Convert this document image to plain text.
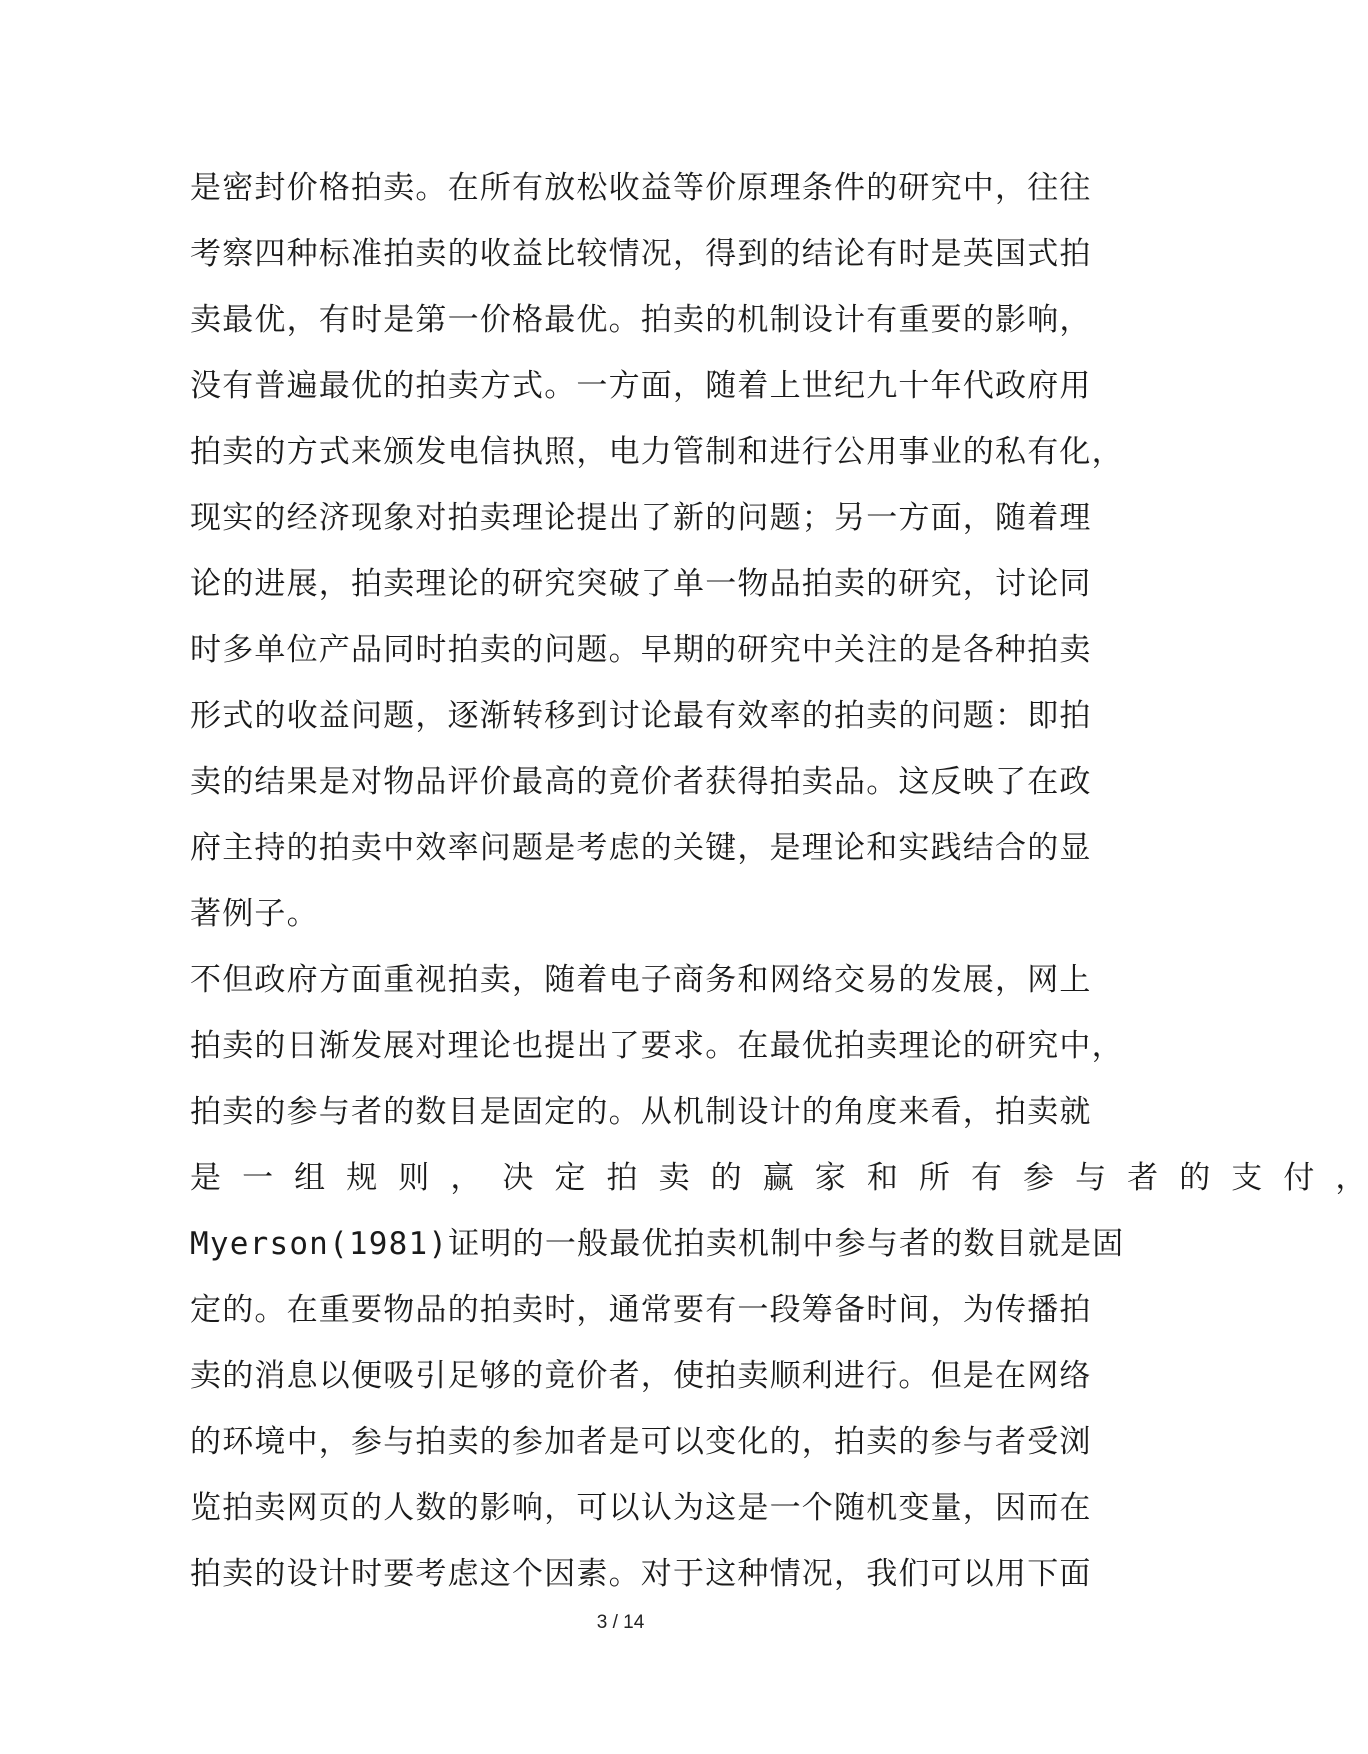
是密封价格拍卖。在所有放松收益等价原理条件的研究中，往往
考察四种标准拍卖的收益比较情况，得到的结论有时是英国式拍
卖最优，有时是第一价格最优。拍卖的机制设计有重要的影响，
没有普遍最优的拍卖方式。一方面，随着上世纪九十年代政府用
拍卖的方式来颁发电信执照，电力管制和进行公用事业的私有化，
现实的经济现象对拍卖理论提出了新的问题；另一方面，随着理
论的进展，拍卖理论的研究突破了单一物品拍卖的研究，讨论同
时多单位产品同时拍卖的问题。早期的研究中关注的是各种拍卖
形式的收益问题，逐渐转移到讨论最有效率的拍卖的问题：即拍
卖的结果是对物品评价最高的竟价者获得拍卖品。这反映了在政
府主持的拍卖中效率问题是考虑的关键，是理论和实践结合的显
著例子。
不但政府方面重视拍卖，随着电子商务和网络交易的发展，网上
拍卖的日渐发展对理论也提出了要求。在最优拍卖理论的研究中，
拍卖的参与者的数目是固定的。从机制设计的角度来看，拍卖就
是 一 组 规 则 ， 决 定 拍 卖 的 赢 家 和 所 有 参 与 者 的 支 付 ，
Myerson(1981)证明的一般最优拍卖机制中参与者的数目就是固
定的。在重要物品的拍卖时，通常要有一段筹备时间，为传播拍
卖的消息以便吸引足够的竟价者，使拍卖顺利进行。但是在网络
的环境中，参与拍卖的参加者是可以变化的，拍卖的参与者受浏
览拍卖网页的人数的影响，可以认为这是一个随机变量，因而在
拍卖的设计时要考虑这个因素。对于这种情况，我们可以用下面
3 / 14
